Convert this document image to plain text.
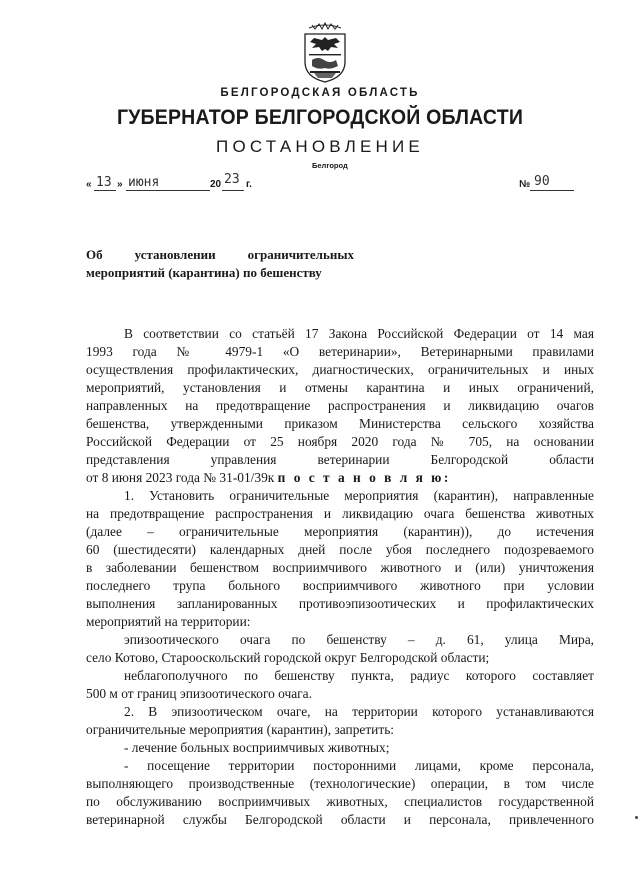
БЕЛГОРОДСКАЯ ОБЛАСТЬ
ГУБЕРНАТОР БЕЛГОРОДСКОЙ ОБЛАСТИ
ПОСТАНОВЛЕНИЕ
Белгород
« 13 » июня	20 23 г.	№ 90
Об установлении ограничительных
мероприятий (карантина) по бешенству
В соответствии со статьёй 17 Закона Российской Федерации от 14 мая
1993 года № 4979-1 «О ветеринарии», Ветеринарными правилами
осуществления профилактических, диагностических, ограничительных и иных
мероприятий, установления и отмены карантина и иных ограничений,
направленных на предотвращение распространения и ликвидацию очагов
бешенства, утвержденными приказом Министерства сельского хозяйства
Российской Федерации от 25 ноября 2020 года № 705, на основании
представления управления ветеринарии Белгородской области
от 8 июня 2023 года № 31-01/39к п о с т а н о в л я ю:
1. Установить ограничительные мероприятия (карантин), направленные
на предотвращение распространения и ликвидацию очага бешенства животных
(далее – ограничительные мероприятия (карантин)), до истечения
60 (шестидесяти) календарных дней после убоя последнего подозреваемого
в заболевании бешенством восприимчивого животного и (или) уничтожения
последнего трупа больного восприимчивого животного при условии
выполнения запланированных противоэпизоотических и профилактических
мероприятий на территории:
эпизоотического очага по бешенству – д. 61, улица Мира,
село Котово, Старооскольский городской округ Белгородской области;
неблагополучного по бешенству пункта, радиус которого составляет
500 м от границ эпизоотического очага.
2. В эпизоотическом очаге, на территории которого устанавливаются
ограничительные мероприятия (карантин), запретить:
- лечение больных восприимчивых животных;
- посещение территории посторонними лицами, кроме персонала,
выполняющего производственные (технологические) операции, в том числе
по обслуживанию восприимчивых животных, специалистов государственной
ветеринарной службы Белгородской области и персонала, привлеченного
